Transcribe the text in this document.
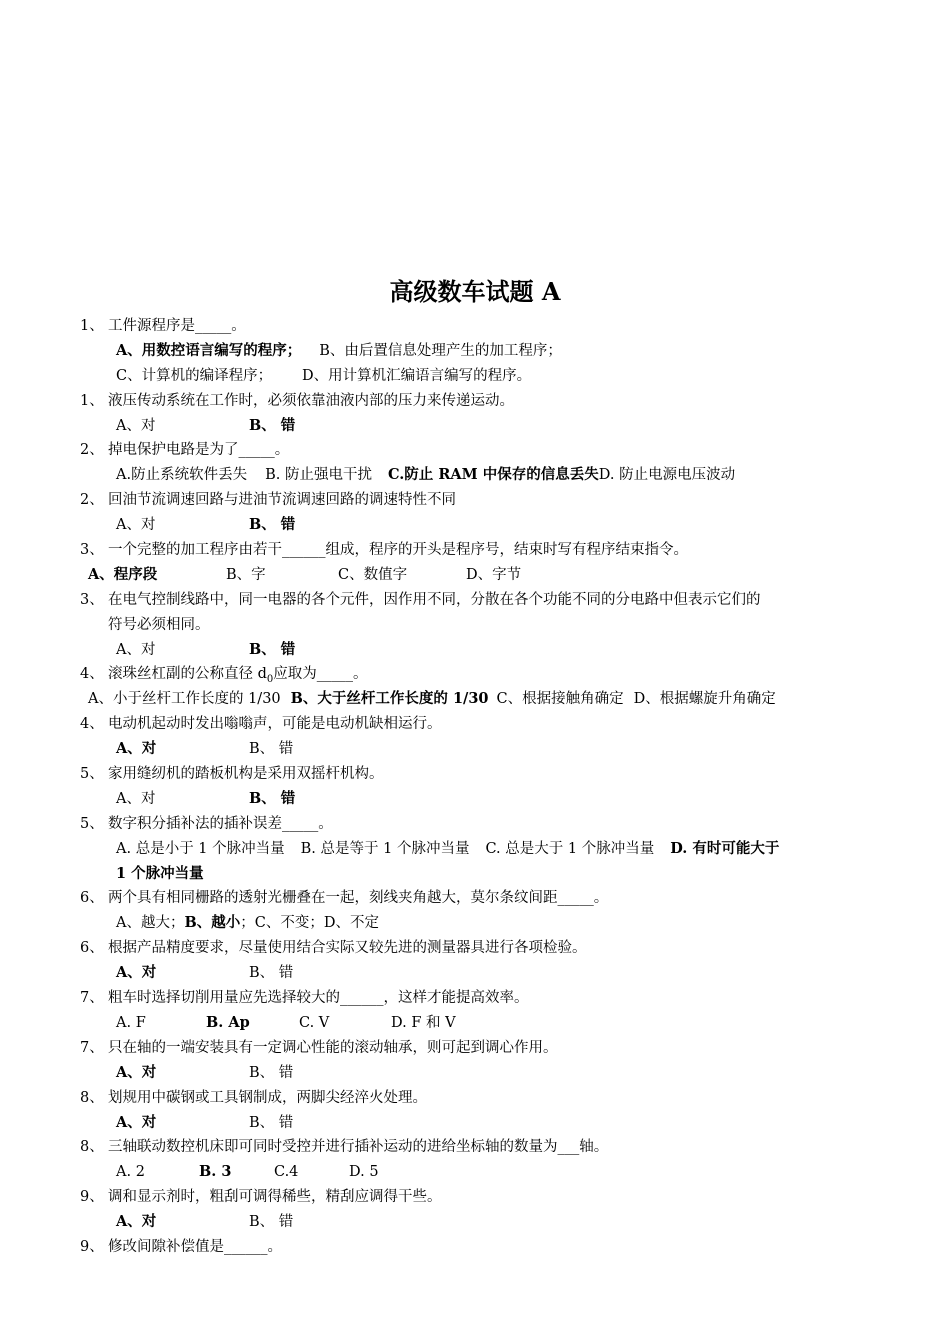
高级数车试题 A
1、 工件源程序是_____。
A、用数控语言编写的程序； B、由后置信息处理产生的加工程序；
C、计算机的编译程序； D、用计算机汇编语言编写的程序。
1、 液压传动系统在工作时，必须依靠油液内部的压力来传递运动。
A、对	B、 错
2、 掉电保护电路是为了_____。
A.防止系统软件丢失 B. 防止强电干扰 C.防止 RAM 中保存的信息丢失D. 防止电源电压波动
2、 回油节流调速回路与进油节流调速回路的调速特性不同
A、对	B、 错
3、 一个完整的加工程序由若干______组成，程序的开头是程序号，结束时写有程序结束指令。
A、程序段	B、字	C、数值字	D、字节
3、 在电气控制线路中，同一电器的各个元件，因作用不同，分散在各个功能不同的分电路中但表示它们的
符号必须相同。
A、对	B、 错
4、 滚珠丝杠副的公称直径 $d_0$应取为_____。
A、小于丝杆工作长度的 1/30 B、大于丝杆工作长度的 1/30 C、根据接触角确定 D、根据螺旋升角确定
4、 电动机起动时发出嗡嗡声，可能是电动机缺相运行。
A、对	B、 错
5、 家用缝纫机的踏板机构是采用双摇杆机构。
A、对	B、 错
5、 数字积分插补法的插补误差_____。
A. 总是小于 1 个脉冲当量 B. 总是等于 1 个脉冲当量 C. 总是大于 1 个脉冲当量 D. 有时可能大于
1 个脉冲当量
6、 两个具有相同栅路的透射光栅叠在一起，刻线夹角越大，莫尔条纹间距_____。
A、越大；B、越小；C、不变；D、不定
6、 根据产品精度要求，尽量使用结合实际又较先进的测量器具进行各项检验。
A、对	B、 错
7、 粗车时选择切削用量应先选择较大的______，这样才能提高效率。
A. F	B. Ap	C. V	D. F 和 V
7、 只在轴的一端安装具有一定调心性能的滚动轴承，则可起到调心作用。
A、对	B、 错
8、 划规用中碳钢或工具钢制成，两脚尖经淬火处理。
A、对	B、 错
8、 三轴联动数控机床即可同时受控并进行插补运动的进给坐标轴的数量为___轴。
A. 2	B. 3	C.4	D. 5
9、 调和显示剂时，粗刮可调得稀些，精刮应调得干些。
A、对	B、 错
9、 修改间隙补偿值是______。
